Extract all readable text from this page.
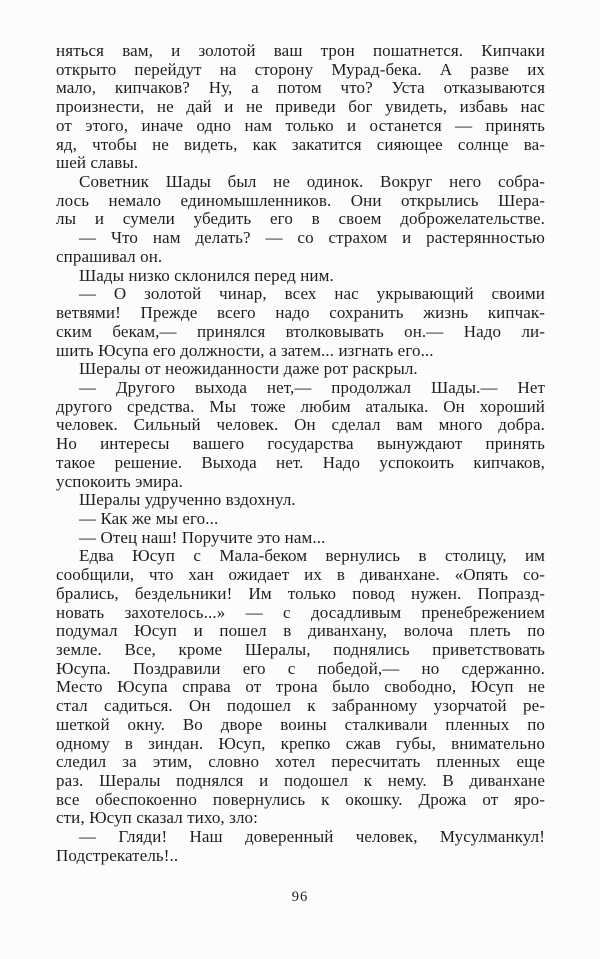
няться вам, и золотой ваш трон пошатнется. Кипчаки
открыто перейдут на сторону Мурад-бека. А разве их
мало, кипчаков? Ну, а потом что? Уста отказываются
произнести, не дай и не приведи бог увидеть, избавь нас
от этого, иначе одно нам только и останется — принять
яд, чтобы не видеть, как закатится сияющее солнце ва-
шей славы.
Советник Шады был не одинок. Вокруг него собра-
лось немало единомышленников. Они открылись Шера-
лы и сумели убедить его в своем доброжелательстве.
— Что нам делать? — со страхом и растерянностью
спрашивал он.
Шады низко склонился перед ним.
— О золотой чинар, всех нас укрывающий своими
ветвями! Прежде всего надо сохранить жизнь кипчак-
ским бекам,— принялся втолковывать он.— Надо ли-
шить Юсупа его должности, а затем... изгнать его...
Шералы от неожиданности даже рот раскрыл.
— Другого выхода нет,— продолжал Шады.— Нет
другого средства. Мы тоже любим аталыка. Он хороший
человек. Сильный человек. Он сделал вам много добра.
Но интересы вашего государства вынуждают принять
такое решение. Выхода нет. Надо успокоить кипчаков,
успокоить эмира.
Шералы удрученно вздохнул.
— Как же мы его...
— Отец наш! Поручите это нам...
Едва Юсуп с Мала-беком вернулись в столицу, им
сообщили, что хан ожидает их в диванхане. «Опять со-
брались, бездельники! Им только повод нужен. Попразд-
новать захотелось...» — с досадливым пренебрежением
подумал Юсуп и пошел в диванхану, волоча плеть по
земле. Все, кроме Шералы, поднялись приветствовать
Юсупа. Поздравили его с победой,— но сдержанно.
Место Юсупа справа от трона было свободно, Юсуп не
стал садиться. Он подошел к забранному узорчатой ре-
шеткой окну. Во дворе воины сталкивали пленных по
одному в зиндан. Юсуп, крепко сжав губы, внимательно
следил за этим, словно хотел пересчитать пленных еще
раз. Шералы поднялся и подошел к нему. В диванхане
все обеспокоенно повернулись к окошку. Дрожа от яро-
сти, Юсуп сказал тихо, зло:
— Гляди! Наш доверенный человек, Мусулманкул!
Подстрекатель!..
96
